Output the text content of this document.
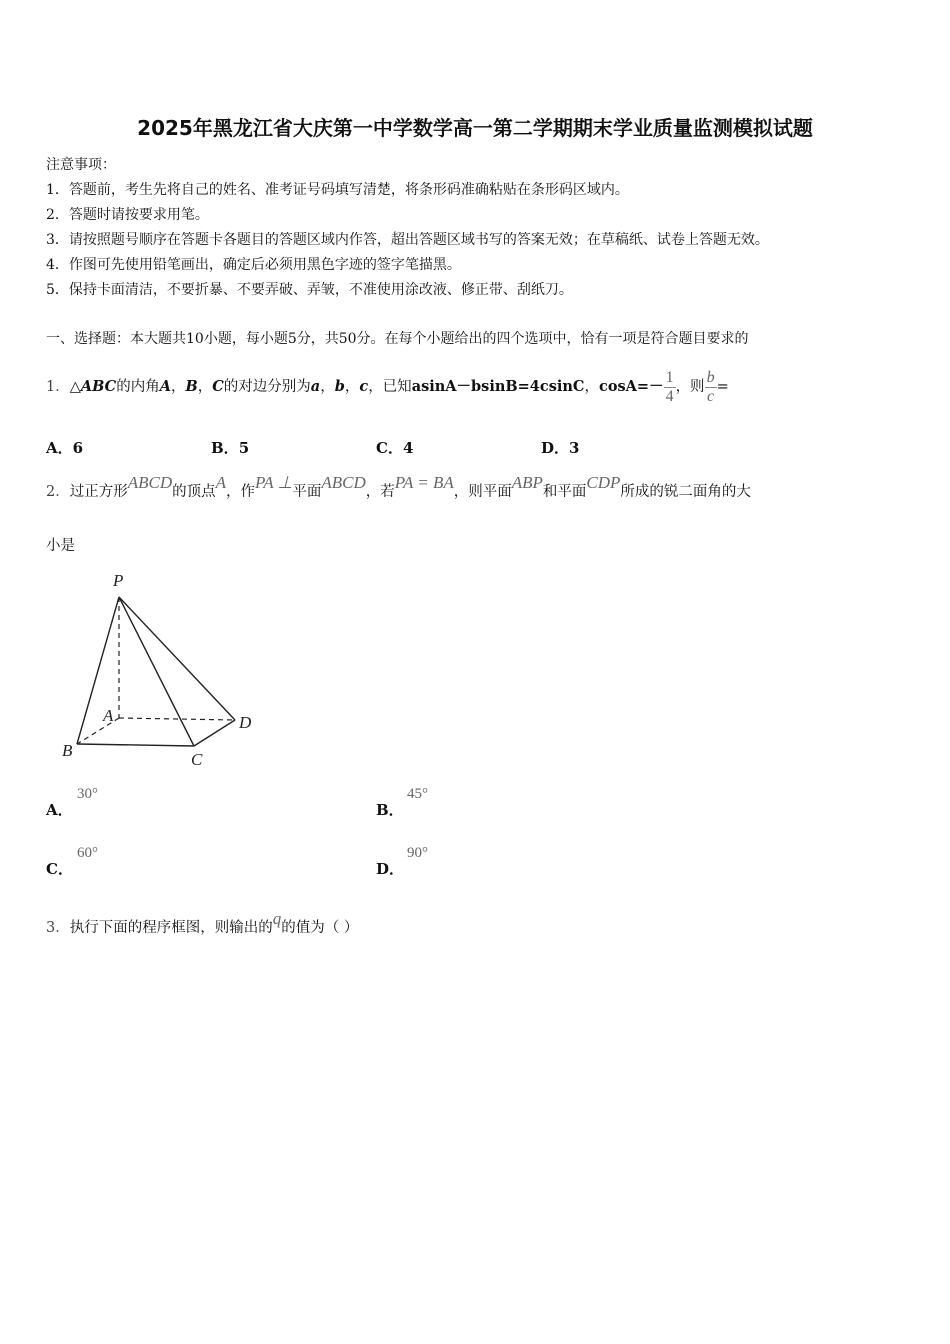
2025年黑龙江省大庆第一中学数学高一第二学期期末学业质量监测模拟试题
注意事项：
1．答题前，考生先将自己的姓名、准考证号码填写清楚，将条形码准确粘贴在条形码区域内。
2．答题时请按要求用笔。
3．请按照题号顺序在答题卡各题目的答题区域内作答，超出答题区域书写的答案无效；在草稿纸、试卷上答题无效。
4．作图可先使用铅笔画出，确定后必须用黑色字迹的签字笔描黑。
5．保持卡面清洁，不要折暴、不要弄破、弄皱，不准使用涂改液、修正带、刮纸刀。
一、选择题：本大题共10小题，每小题5分，共50分。在每个小题给出的四个选项中，恰有一项是符合题目要求的
1．△ABC的内角A，B，C的对边分别为a，b，c，已知asinA－bsinB=4csinC，$\cos A=- \frac{1}{4}$ ，则 $\frac{b}{c}$ =
A．6	B．5	C．4	D．3
2．过正方形ABCD的顶点A，作PA ⊥平面ABCD，若PA = BA，则平面ABP和平面CDP所成的锐二面角的大
小是
P
A
B	C
D
A．
30°
B．
45°
C．
60°
D．
90°
3．执行下面的程序框图，则输出的q的值为（ ）
